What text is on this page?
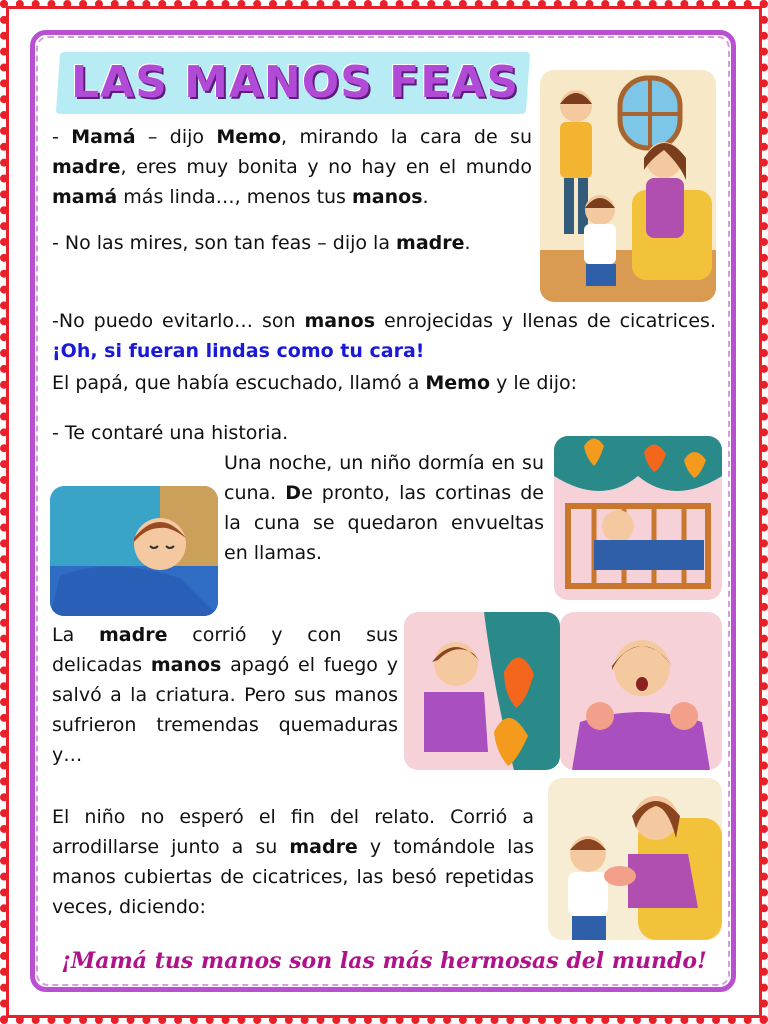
LAS MANOS FEAS

- Mamá – dijo Memo, mirando la cara de su madre, eres muy bonita y no hay en el mundo mamá más linda…, menos tus manos.

- No las mires, son tan feas – dijo la madre.

-No puedo evitarlo… son manos enrojecidas y llenas de cicatrices. ¡Oh, si fueran lindas como tu cara!

El papá, que había escuchado, llamó a Memo y le dijo:

- Te contaré una historia.

Una noche, un niño dormía en su cuna. De pronto, las cortinas de la cuna se quedaron envueltas en llamas.

La madre corrió y con sus delicadas manos apagó el fuego y salvó a la criatura. Pero sus manos sufrieron tremendas quemaduras y…

El niño no esperó el fin del relato. Corrió a arrodillarse junto a su madre y tomándole las manos cubiertas de cicatrices, las besó repetidas veces, diciendo:

¡Mamá tus manos son las más hermosas del mundo!
